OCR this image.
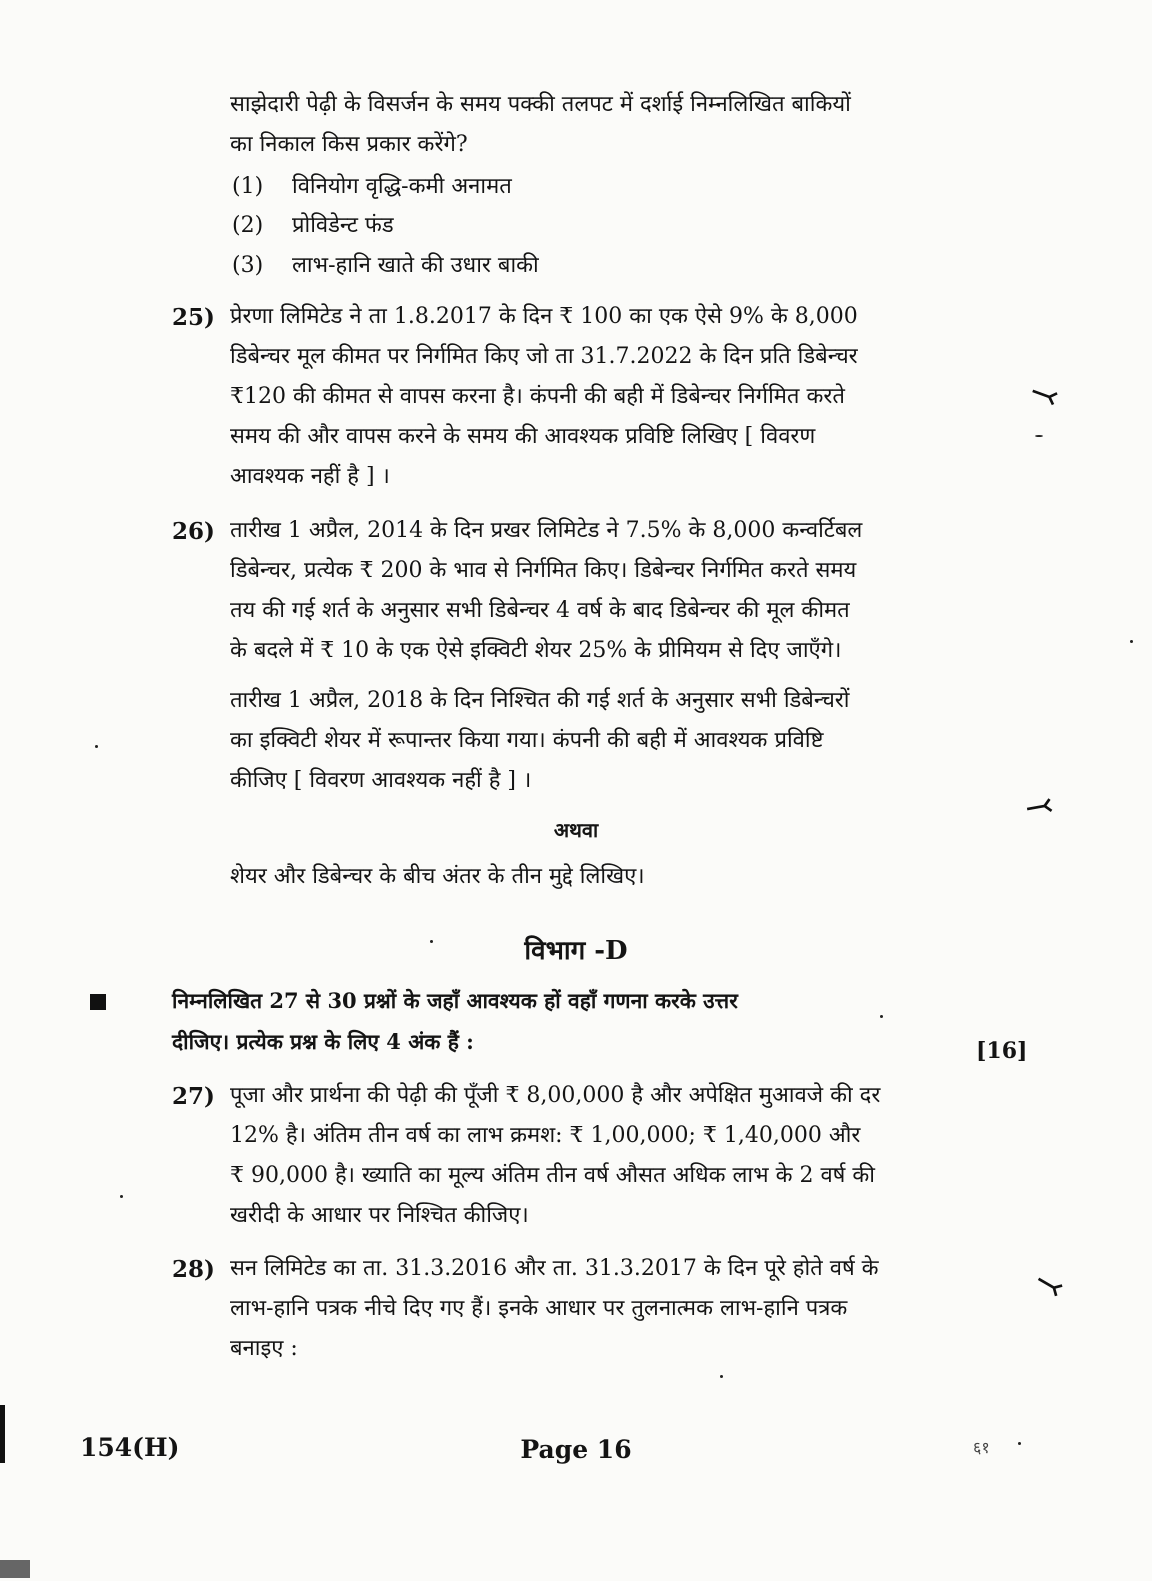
साझेदारी पेढ़ी के विसर्जन के समय पक्की तलपट में दर्शाई निम्नलिखित बाकियों
का निकाल किस प्रकार करेंगे?
(1) विनियोग वृद्धि-कमी अनामत
(2) प्रोविडेन्ट फंड
(3) लाभ-हानि खाते की उधार बाकी
25) प्रेरणा लिमिटेड ने ता 1.8.2017 के दिन ₹ 100 का एक ऐसे 9% के 8,000
डिबेन्चर मूल कीमत पर निर्गमित किए जो ता 31.7.2022 के दिन प्रति डिबेन्चर
₹120 की कीमत से वापस करना है। कंपनी की बही में डिबेन्चर निर्गमित करते
समय की और वापस करने के समय की आवश्यक प्रविष्टि लिखिए [ विवरण
आवश्यक नहीं है ] ।
26) तारीख 1 अप्रैल, 2014 के दिन प्रखर लिमिटेड ने 7.5% के 8,000 कन्वर्टिबल
डिबेन्चर, प्रत्येक ₹ 200 के भाव से निर्गमित किए। डिबेन्चर निर्गमित करते समय
तय की गई शर्त के अनुसार सभी डिबेन्चर 4 वर्ष के बाद डिबेन्चर की मूल कीमत
के बदले में ₹ 10 के एक ऐसे इक्विटी शेयर 25% के प्रीमियम से दिए जाएँगे।
तारीख 1 अप्रैल, 2018 के दिन निश्चित की गई शर्त के अनुसार सभी डिबेन्चरों
का इक्विटी शेयर में रूपान्तर किया गया। कंपनी की बही में आवश्यक प्रविष्टि
कीजिए [ विवरण आवश्यक नहीं है ] ।
अथवा
शेयर और डिबेन्चर के बीच अंतर के तीन मुद्दे लिखिए।
विभाग -D
निम्नलिखित 27 से 30 प्रश्नों के जहाँ आवश्यक हों वहाँ गणना करके उत्तर
दीजिए। प्रत्येक प्रश्न के लिए 4 अंक हैं :	[16]
27) पूजा और प्रार्थना की पेढ़ी की पूँजी ₹ 8,00,000 है और अपेक्षित मुआवजे की दर
12% है। अंतिम तीन वर्ष का लाभ क्रमश: ₹ 1,00,000; ₹ 1,40,000 और
₹ 90,000 है। ख्याति का मूल्य अंतिम तीन वर्ष औसत अधिक लाभ के 2 वर्ष की
खरीदी के आधार पर निश्चित कीजिए।
28) सन लिमिटेड का ता. 31.3.2016 और ता. 31.3.2017 के दिन पूरे होते वर्ष के
लाभ-हानि पत्रक नीचे दिए गए हैं। इनके आधार पर तुलनात्मक लाभ-हानि पत्रक
बनाइए :
154(H)	Page 16	६१
⤙
⤙
⤙
